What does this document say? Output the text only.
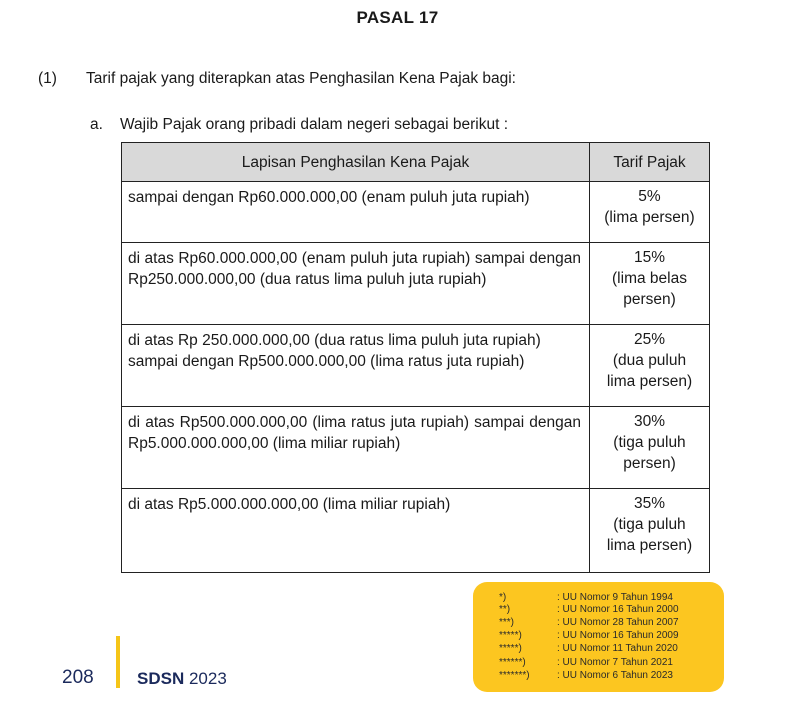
PASAL 17
(1) Tarif pajak yang diterapkan atas Penghasilan Kena Pajak bagi:
a. Wajib Pajak orang pribadi dalam negeri sebagai berikut :
Lapisan Penghasilan Kena Pajak	Tarif Pajak
sampai dengan Rp60.000.000,00 (enam puluh juta rupiah)	5%
(lima persen)

di atas Rp60.000.000,00 (enam puluh juta rupiah) sampai dengan Rp250.000.000,00 (dua ratus lima puluh juta rupiah)	15%
(lima belas
persen)

di atas Rp 250.000.000,00 (dua ratus lima puluh juta rupiah) sampai dengan Rp500.000.000,00 (lima ratus juta rupiah)	25%
(dua puluh
lima persen)

di atas Rp500.000.000,00 (lima ratus juta rupiah) sampai dengan Rp5.000.000.000,00 (lima miliar rupiah)	30%
(tiga puluh
persen)

di atas Rp5.000.000.000,00 (lima miliar rupiah)	35%
(tiga puluh
lima persen)
208	SDSN 2023
*)	: UU Nomor 9 Tahun 1994
**)	: UU Nomor 16 Tahun 2000
***)	: UU Nomor 28 Tahun 2007
*****)	: UU Nomor 16 Tahun 2009
*****)	: UU Nomor 11 Tahun 2020
******)	: UU Nomor 7 Tahun 2021
*******)	: UU Nomor 6 Tahun 2023
